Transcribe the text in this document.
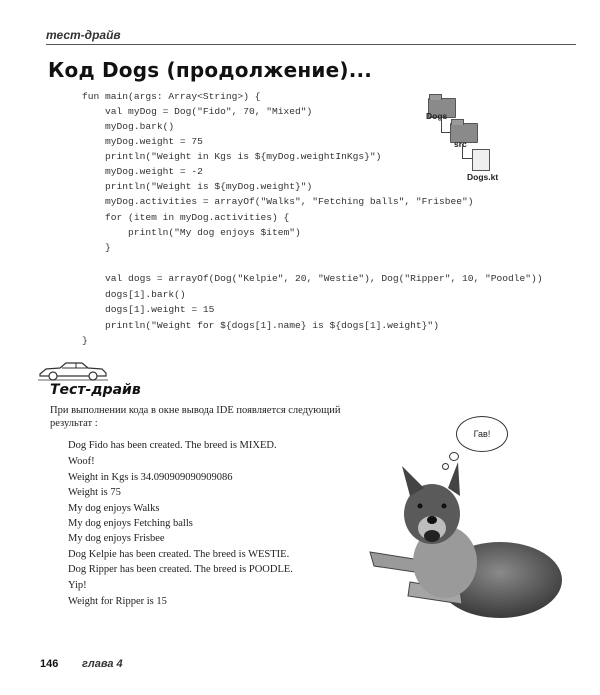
тест-драйв
Код Dogs (продолжение)...
fun main(args: Array<String>) {
val myDog = Dog("Fido", 70, "Mixed")
myDog.bark()
myDog.weight = 75
println("Weight in Kgs is ${myDog.weightInKgs}")
myDog.weight = -2
println("Weight is ${myDog.weight}")
myDog.activities = arrayOf("Walks", "Fetching balls", "Frisbee")
for (item in myDog.activities) {
println("My dog enjoys $item")
}
val dogs = arrayOf(Dog("Kelpie", 20, "Westie"), Dog("Ripper", 10, "Poodle"))
dogs[1].bark()
dogs[1].weight = 15
println("Weight for ${dogs[1].name} is ${dogs[1].weight}")
}
Dogs
src
Dogs.kt
Тест-драйв
При выполнении кода в окне вывода IDE появляется следующий результат :
Dog Fido has been created. The breed is MIXED.
Woof!
Weight in Kgs is 34.090909090909086
Weight is 75
My dog enjoys Walks
My dog enjoys Fetching balls
My dog enjoys Frisbee
Dog Kelpie has been created. The breed is WESTIE.
Dog Ripper has been created. The breed is POODLE.
Yip!
Weight for Ripper is 15
Гав!
146 глава 4
